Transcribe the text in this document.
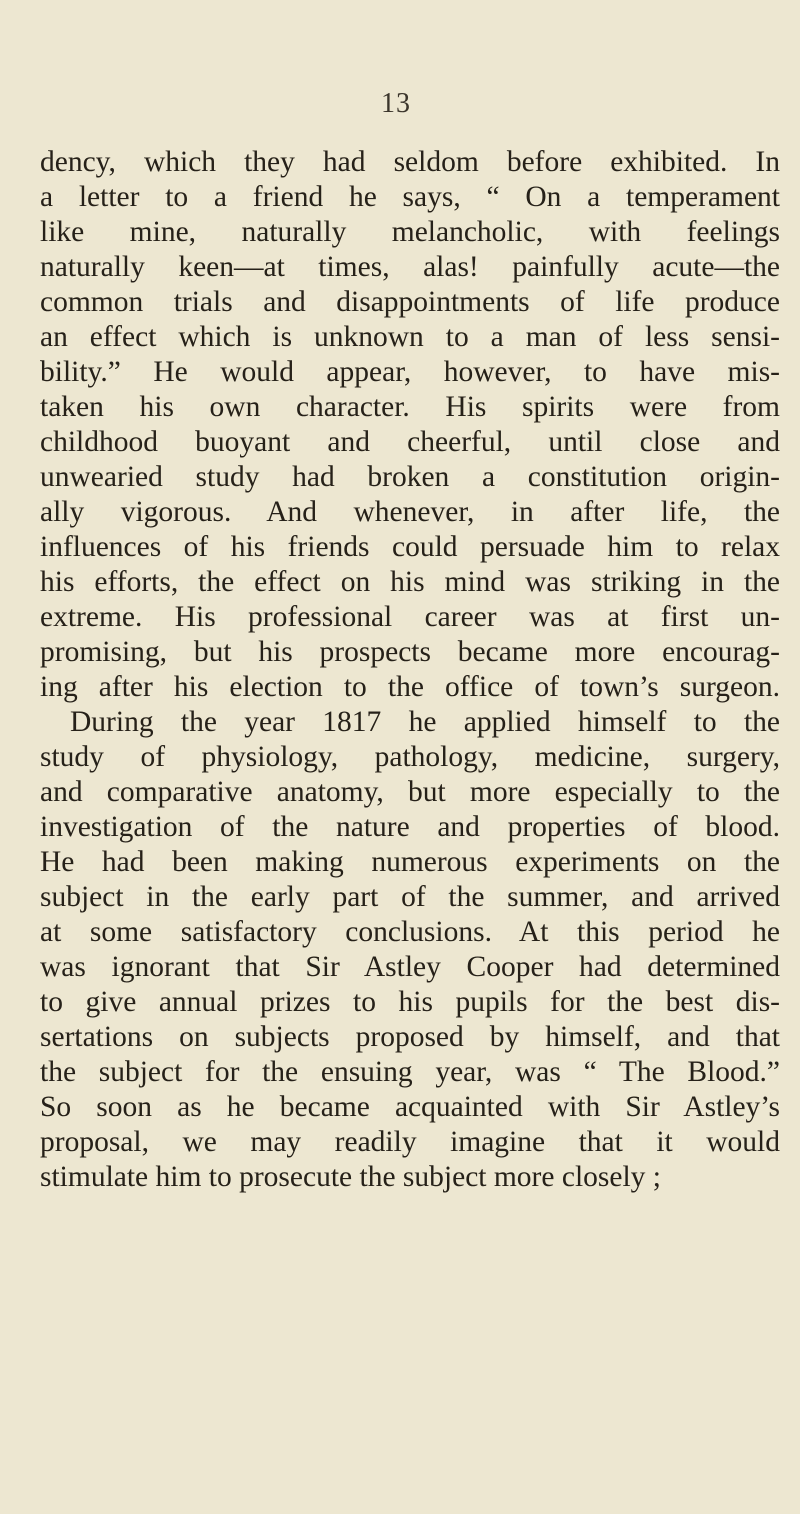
13
dency, which they had seldom before exhibited. In
a letter to a friend he says, “ On a temperament
like mine, naturally melancholic, with feelings
naturally keen—at times, alas! painfully acute—the
common trials and disappointments of life produce
an effect which is unknown to a man of less sensi-
bility.” He would appear, however, to have mis-
taken his own character. His spirits were from
childhood buoyant and cheerful, until close and
unwearied study had broken a constitution origin-
ally vigorous. And whenever, in after life, the
influences of his friends could persuade him to relax
his efforts, the effect on his mind was striking in the
extreme. His professional career was at first un-
promising, but his prospects became more encourag-
ing after his election to the office of town’s surgeon.
During the year 1817 he applied himself to the
study of physiology, pathology, medicine, surgery,
and comparative anatomy, but more especially to the
investigation of the nature and properties of blood.
He had been making numerous experiments on the
subject in the early part of the summer, and arrived
at some satisfactory conclusions. At this period he
was ignorant that Sir Astley Cooper had determined
to give annual prizes to his pupils for the best dis-
sertations on subjects proposed by himself, and that
the subject for the ensuing year, was “ The Blood.”
So soon as he became acquainted with Sir Astley’s
proposal, we may readily imagine that it would
stimulate him to prosecute the subject more closely ;
